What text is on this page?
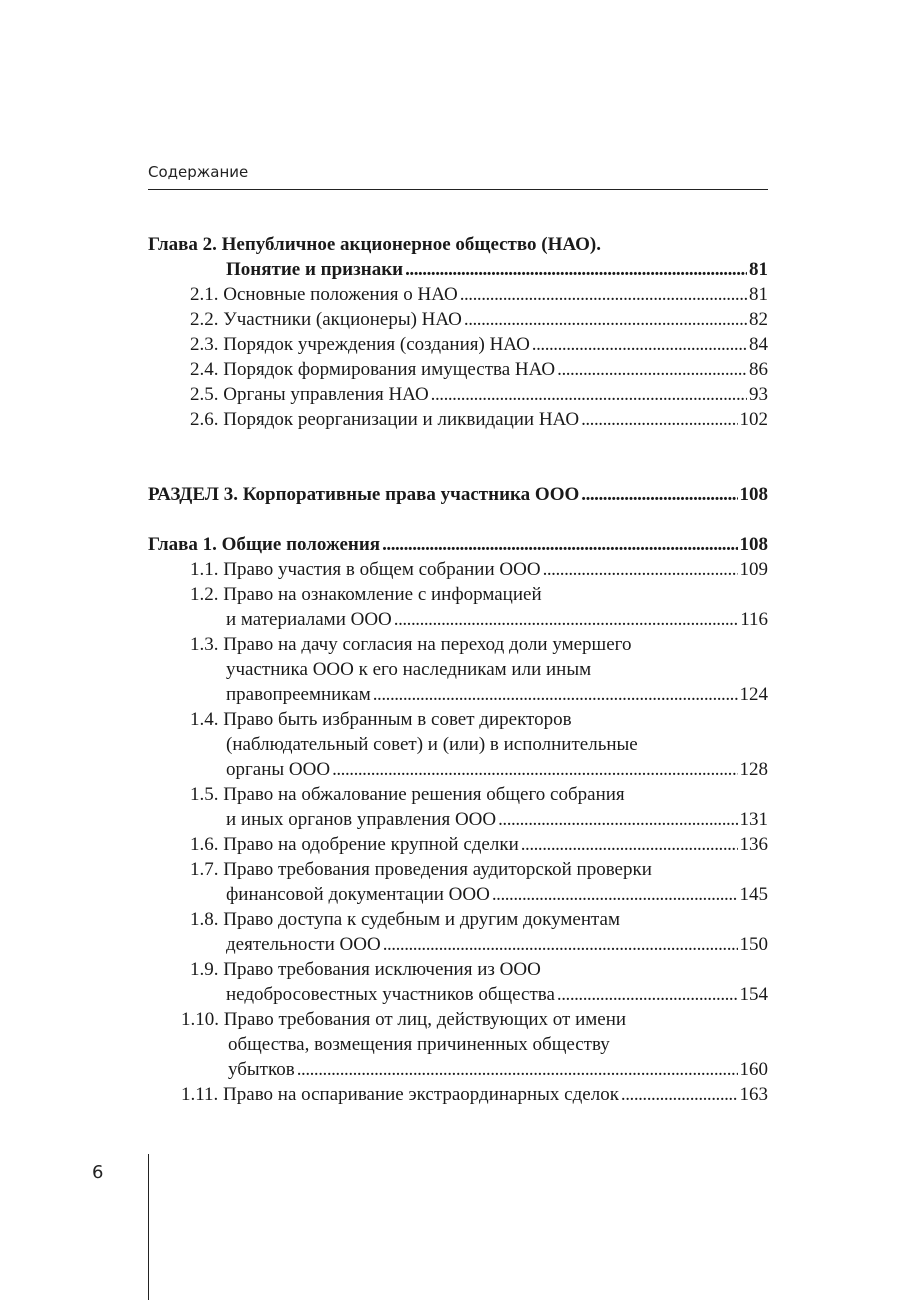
Содержание
Глава 2. Непубличное акционерное общество (НАО).
Понятие и признаки . . .	81
2.1. Основные положения о НАО . . .	81
2.2. Участники (акционеры) НАО . . .	82
2.3. Порядок учреждения (создания) НАО . . .	84
2.4. Порядок формирования имущества НАО . . .	86
2.5. Органы управления НАО . . .	93
2.6. Порядок реорганизации и ликвидации НАО . . .	102
РАЗДЕЛ 3. Корпоративные права участника ООО . . .	108
Глава 1. Общие положения . . .	108
1.1. Право участия в общем собрании ООО . . .	109
1.2. Право на ознакомление с информацией
и материалами ООО . . .	116
1.3. Право на дачу согласия на переход доли умершего
участника ООО к его наследникам или иным
правопреемникам . . .	124
1.4. Право быть избранным в совет директоров
(наблюдательный совет) и (или) в исполнительные
органы ООО . . .	128
1.5. Право на обжалование решения общего собрания
и иных органов управления ООО . . .	131
1.6. Право на одобрение крупной сделки . . .	136
1.7. Право требования проведения аудиторской проверки
финансовой документации ООО . . .	145
1.8. Право доступа к судебным и другим документам
деятельности ООО . . .	150
1.9. Право требования исключения из ООО
недобросовестных участников общества . . .	154
1.10. Право требования от лиц, действующих от имени
общества, возмещения причиненных обществу
убытков . . .	160
1.11. Право на оспаривание экстраординарных сделок . . .	163
6
